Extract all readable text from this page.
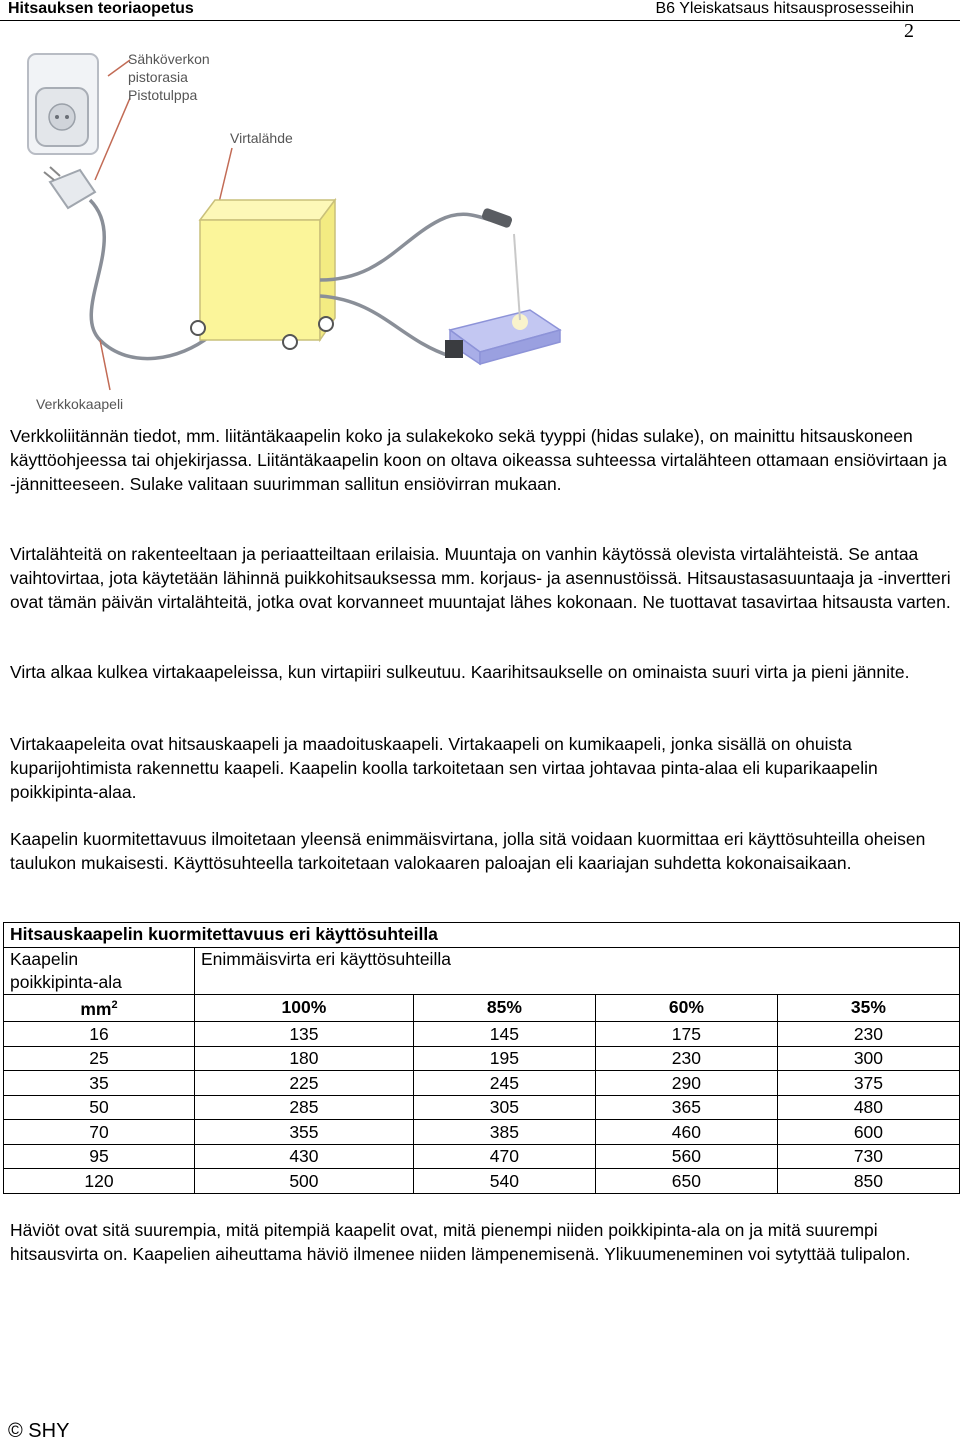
Hitsauksen teoriaopetus	B6 Yleiskatsaus hitsausprosesseihin
2
Sähköverkon
pistorasia
Pistotulppa
Virtalähde
Verkkokaapeli

Verkkoliitännän tiedot, mm. liitäntäkaapelin koko ja sulakekoko sekä tyyppi (hidas sulake), on mainittu hitsauskoneen käyttöohjeessa tai ohjekirjassa. Liitäntäkaapelin koon on oltava oikeassa suhteessa virtalähteen ottamaan ensiövirtaan ja -jännitteeseen. Sulake valitaan suurimman sallitun ensiövirran mukaan.

Virtalähteitä on rakenteeltaan ja periaatteiltaan erilaisia. Muuntaja on vanhin käytössä olevista virtalähteistä. Se antaa vaihtovirtaa, jota käytetään lähinnä puikkohitsauksessa mm. korjaus- ja asennustöissä. Hitsaustasasuuntaaja ja -invertteri ovat tämän päivän virtalähteitä, jotka ovat korvanneet muuntajat lähes kokonaan. Ne tuottavat tasavirtaa hitsausta varten.

Virta alkaa kulkea virtakaapeleissa, kun virtapiiri sulkeutuu. Kaarihitsaukselle on ominaista suuri virta ja pieni jännite.

Virtakaapeleita ovat hitsauskaapeli ja maadoituskaapeli. Virtakaapeli on kumikaapeli, jonka sisällä on ohuista kuparijohtimista rakennettu kaapeli. Kaapelin koolla tarkoitetaan sen virtaa johtavaa pinta-alaa eli kuparikaapelin poikkipinta-alaa.

Kaapelin kuormitettavuus ilmoitetaan yleensä enimmäisvirtana, jolla sitä voidaan kuormittaa eri käyttösuhteilla oheisen taulukon mukaisesti. Käyttösuhteella tarkoitetaan valokaaren paloajan eli kaariajan suhdetta kokonaisaikaan.

Hitsauskaapelin kuormitettavuus eri käyttösuhteilla				
Kaapelin
poikkipinta-ala	Enimmäisvirta eri käyttösuhteilla			
$mm^2$	100%	85%	60%	35%
16	135	145	175	230
25	180	195	230	300
35	225	245	290	375
50	285	305	365	480
70	355	385	460	600
95	430	470	560	730
120	500	540	650	850

Häviöt ovat sitä suurempia, mitä pitempiä kaapelit ovat, mitä pienempi niiden poikkipinta-ala on ja mitä suurempi hitsausvirta on. Kaapelien aiheuttama häviö ilmenee niiden lämpenemisenä. Ylikuumeneminen voi sytyttää tulipalon.

© SHY
